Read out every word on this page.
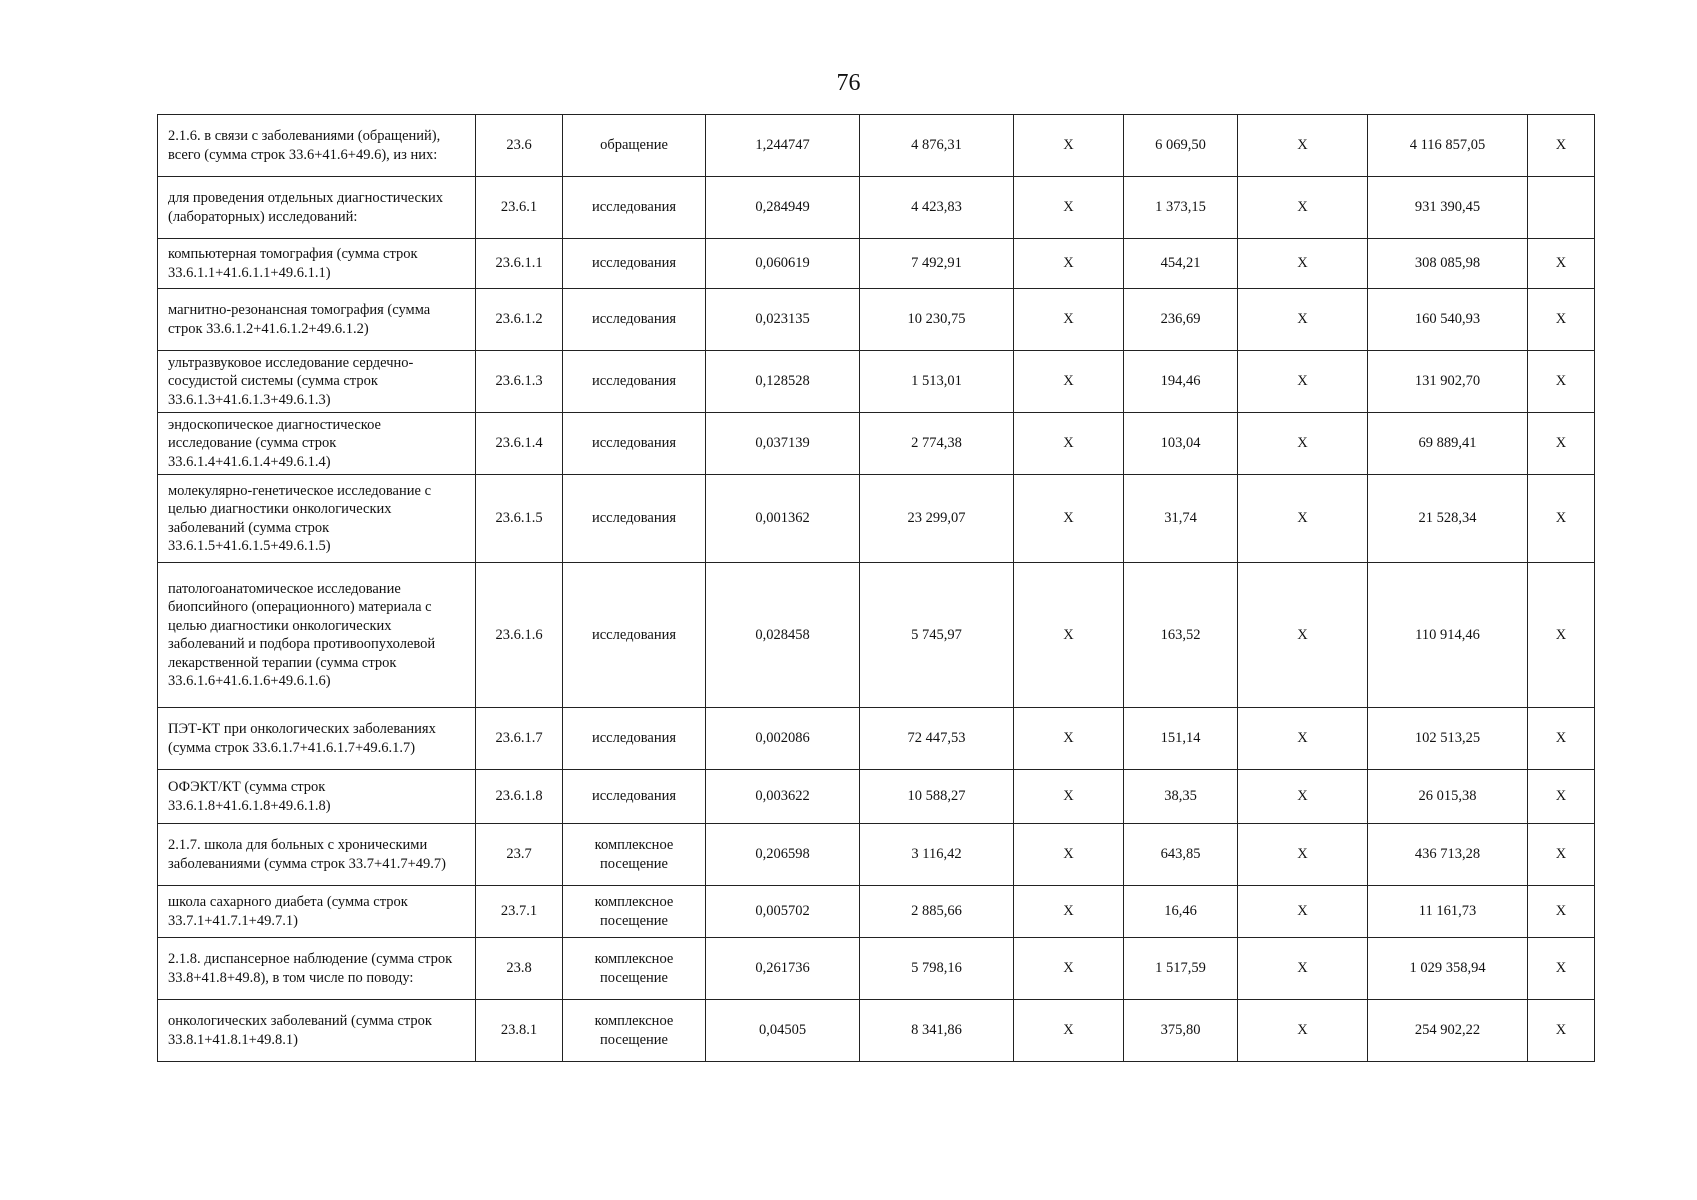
76
2.1.6. в связи с заболеваниями (обращений), всего (сумма строк 33.6+41.6+49.6), из них:	23.6	обращение	1,244747	4 876,31	X	6 069,50	X	4 116 857,05	X
для проведения отдельных диагностических (лабораторных) исследований:	23.6.1	исследования	0,284949	4 423,83	X	1 373,15	X	931 390,45	
компьютерная томография (сумма строк 33.6.1.1+41.6.1.1+49.6.1.1)	23.6.1.1	исследования	0,060619	7 492,91	X	454,21	X	308 085,98	X
магнитно-резонансная томография (сумма строк 33.6.1.2+41.6.1.2+49.6.1.2)	23.6.1.2	исследования	0,023135	10 230,75	X	236,69	X	160 540,93	X
ультразвуковое исследование сердечно-сосудистой системы (сумма строк 33.6.1.3+41.6.1.3+49.6.1.3)	23.6.1.3	исследования	0,128528	1 513,01	X	194,46	X	131 902,70	X
эндоскопическое диагностическое исследование (сумма строк 33.6.1.4+41.6.1.4+49.6.1.4)	23.6.1.4	исследования	0,037139	2 774,38	X	103,04	X	69 889,41	X
молекулярно-генетическое исследование с целью диагностики онкологических заболеваний (сумма строк 33.6.1.5+41.6.1.5+49.6.1.5)	23.6.1.5	исследования	0,001362	23 299,07	X	31,74	X	21 528,34	X
патологоанатомическое исследование биопсийного (операционного) материала с целью диагностики онкологических заболеваний и подбора противоопухолевой лекарственной терапии (сумма строк 33.6.1.6+41.6.1.6+49.6.1.6)	23.6.1.6	исследования	0,028458	5 745,97	X	163,52	X	110 914,46	X
ПЭТ-КТ при онкологических заболеваниях (сумма строк 33.6.1.7+41.6.1.7+49.6.1.7)	23.6.1.7	исследования	0,002086	72 447,53	X	151,14	X	102 513,25	X
ОФЭКТ/КТ (сумма строк 33.6.1.8+41.6.1.8+49.6.1.8)	23.6.1.8	исследования	0,003622	10 588,27	X	38,35	X	26 015,38	X
2.1.7. школа для больных с хроническими заболеваниями (сумма строк 33.7+41.7+49.7)	23.7	комплексное посещение	0,206598	3 116,42	X	643,85	X	436 713,28	X
школа сахарного диабета (сумма строк 33.7.1+41.7.1+49.7.1)	23.7.1	комплексное посещение	0,005702	2 885,66	X	16,46	X	11 161,73	X
2.1.8. диспансерное наблюдение (сумма строк 33.8+41.8+49.8), в том числе по поводу:	23.8	комплексное посещение	0,261736	5 798,16	X	1 517,59	X	1 029 358,94	X
онкологических заболеваний (сумма строк 33.8.1+41.8.1+49.8.1)	23.8.1	комплексное посещение	0,04505	8 341,86	X	375,80	X	254 902,22	X
